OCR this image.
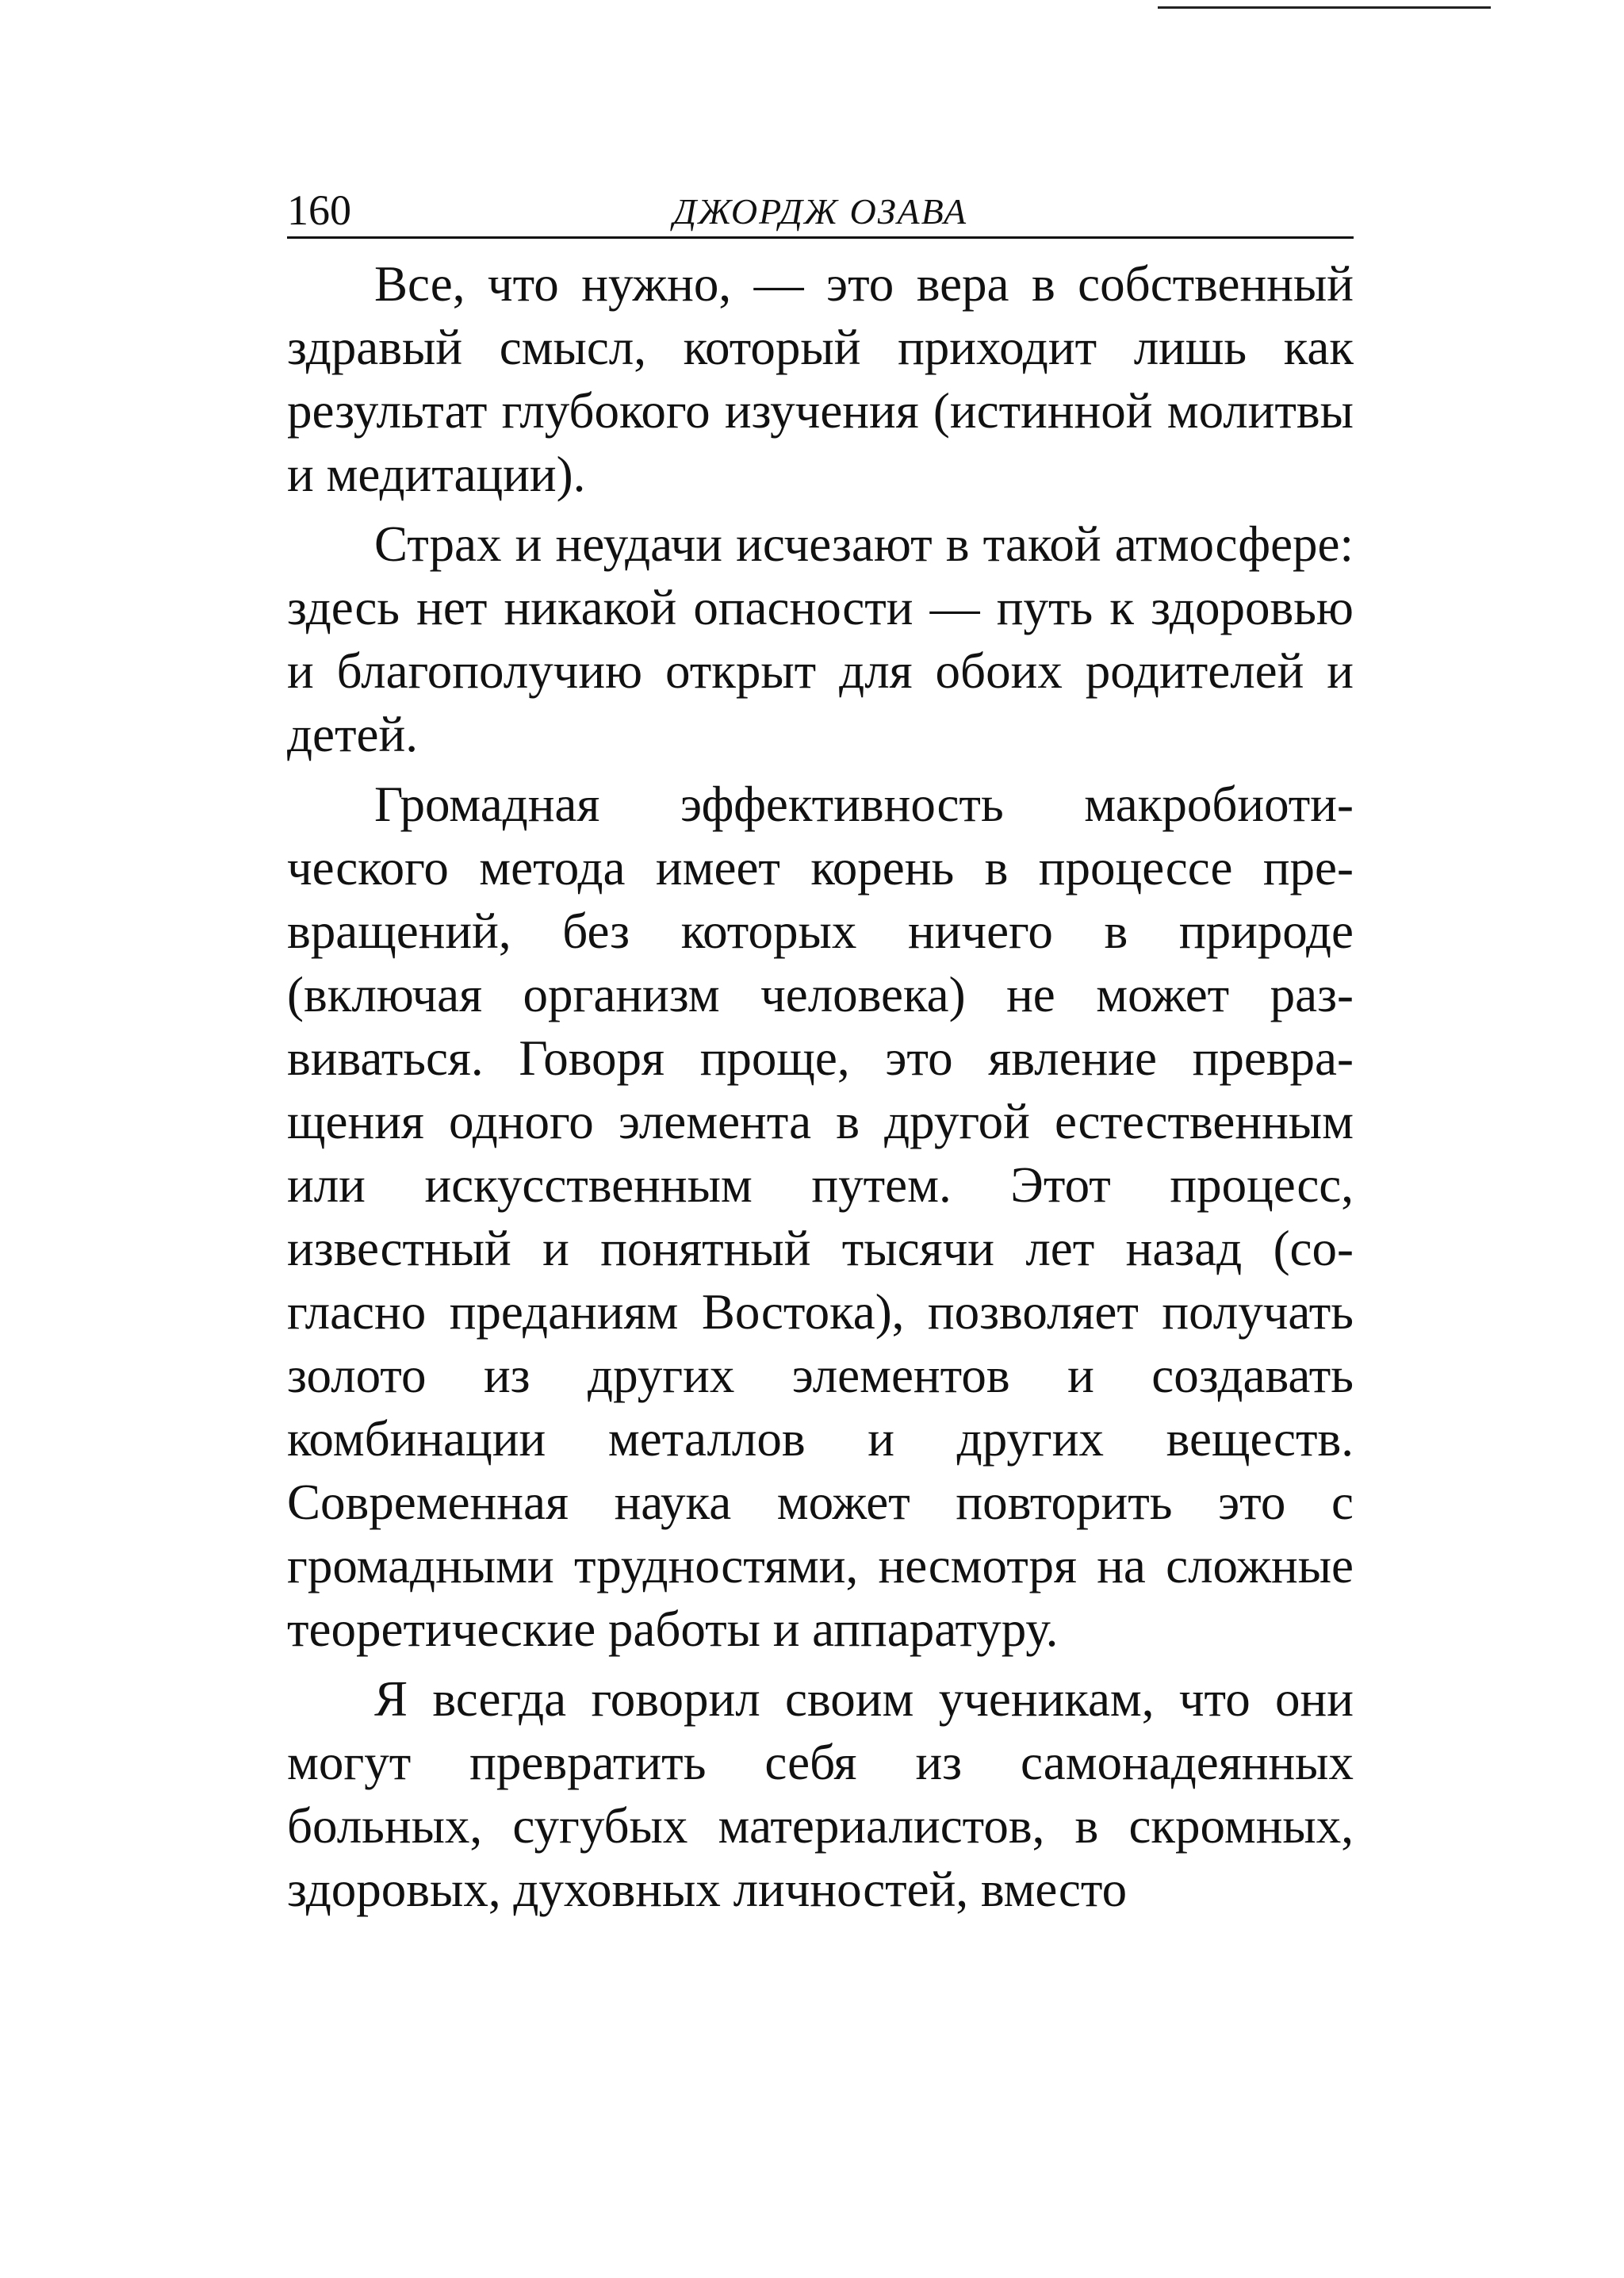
160	ДЖОРДЖ ОЗАВА

Все, что нужно, — это вера в собственный здравый смысл, который приходит лишь как результат глубокого изучения (истинной молитвы и медитации).

Страх и неудачи исчезают в такой атмосфере: здесь нет никакой опасности — путь к здоровью и благополучию открыт для обоих родителей и детей.

Громадная эффективность макробиотического метода имеет корень в процессе превращений, без которых ничего в природе (включая организм человека) не может развиваться. Говоря проще, это явление превращения одного элемента в другой естественным или искусственным путем. Этот процесс, известный и понятный тысячи лет назад (согласно преданиям Востока), позволяет получать золото из других элементов и создавать комбинации металлов и других веществ. Современная наука может повторить это с громадными трудностями, несмотря на сложные теоретические работы и аппаратуру.

Я всегда говорил своим ученикам, что они могут превратить себя из самонадеянных больных, сугубых материалистов, в скромных, здоровых, духовных личностей, вместо
